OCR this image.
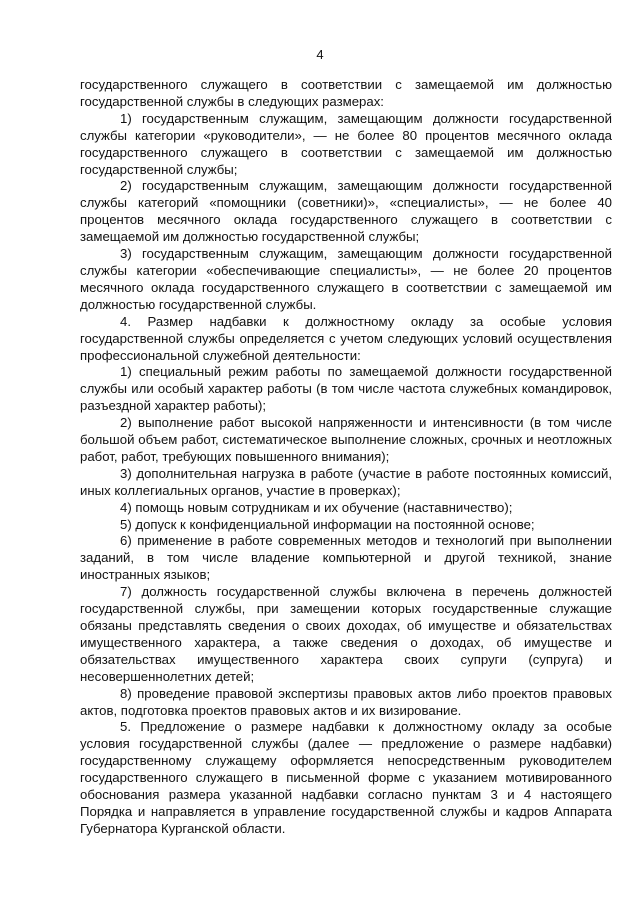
4

государственного служащего в соответствии с замещаемой им должностью государственной службы в следующих размерах:

1) государственным служащим, замещающим должности государственной службы категории «руководители», — не более 80 процентов месячного оклада государственного служащего в соответствии с замещаемой им должностью государственной службы;

2) государственным служащим, замещающим должности государственной службы категорий «помощники (советники)», «специалисты», — не более 40 процентов месячного оклада государственного служащего в соответствии с замещаемой им должностью государственной службы;

3) государственным служащим, замещающим должности государственной службы категории «обеспечивающие специалисты», — не более 20 процентов месячного оклада государственного служащего в соответствии с замещаемой им должностью государственной службы.

4. Размер надбавки к должностному окладу за особые условия государственной службы определяется с учетом следующих условий осуществления профессиональной служебной деятельности:

1) специальный режим работы по замещаемой должности государственной службы или особый характер работы (в том числе частота служебных командировок, разъездной характер работы);

2) выполнение работ высокой напряженности и интенсивности (в том числе большой объем работ, систематическое выполнение сложных, срочных и неотложных работ, работ, требующих повышенного внимания);

3) дополнительная нагрузка в работе (участие в работе постоянных комиссий, иных коллегиальных органов, участие в проверках);

4) помощь новым сотрудникам и их обучение (наставничество);

5) допуск к конфиденциальной информации на постоянной основе;

6) применение в работе современных методов и технологий при выполнении заданий, в том числе владение компьютерной и другой техникой, знание иностранных языков;

7) должность государственной службы включена в перечень должностей государственной службы, при замещении которых государственные служащие обязаны представлять сведения о своих доходах, об имуществе и обязательствах имущественного характера, а также сведения о доходах, об имуществе и обязательствах имущественного характера своих супруги (супруга) и несовершеннолетних детей;

8) проведение правовой экспертизы правовых актов либо проектов правовых актов, подготовка проектов правовых актов и их визирование.

5. Предложение о размере надбавки к должностному окладу за особые условия государственной службы (далее — предложение о размере надбавки) государственному служащему оформляется непосредственным руководителем государственного служащего в письменной форме с указанием мотивированного обоснования размера указанной надбавки согласно пунктам 3 и 4 настоящего Порядка и направляется в управление государственной службы и кадров Аппарата Губернатора Курганской области.
